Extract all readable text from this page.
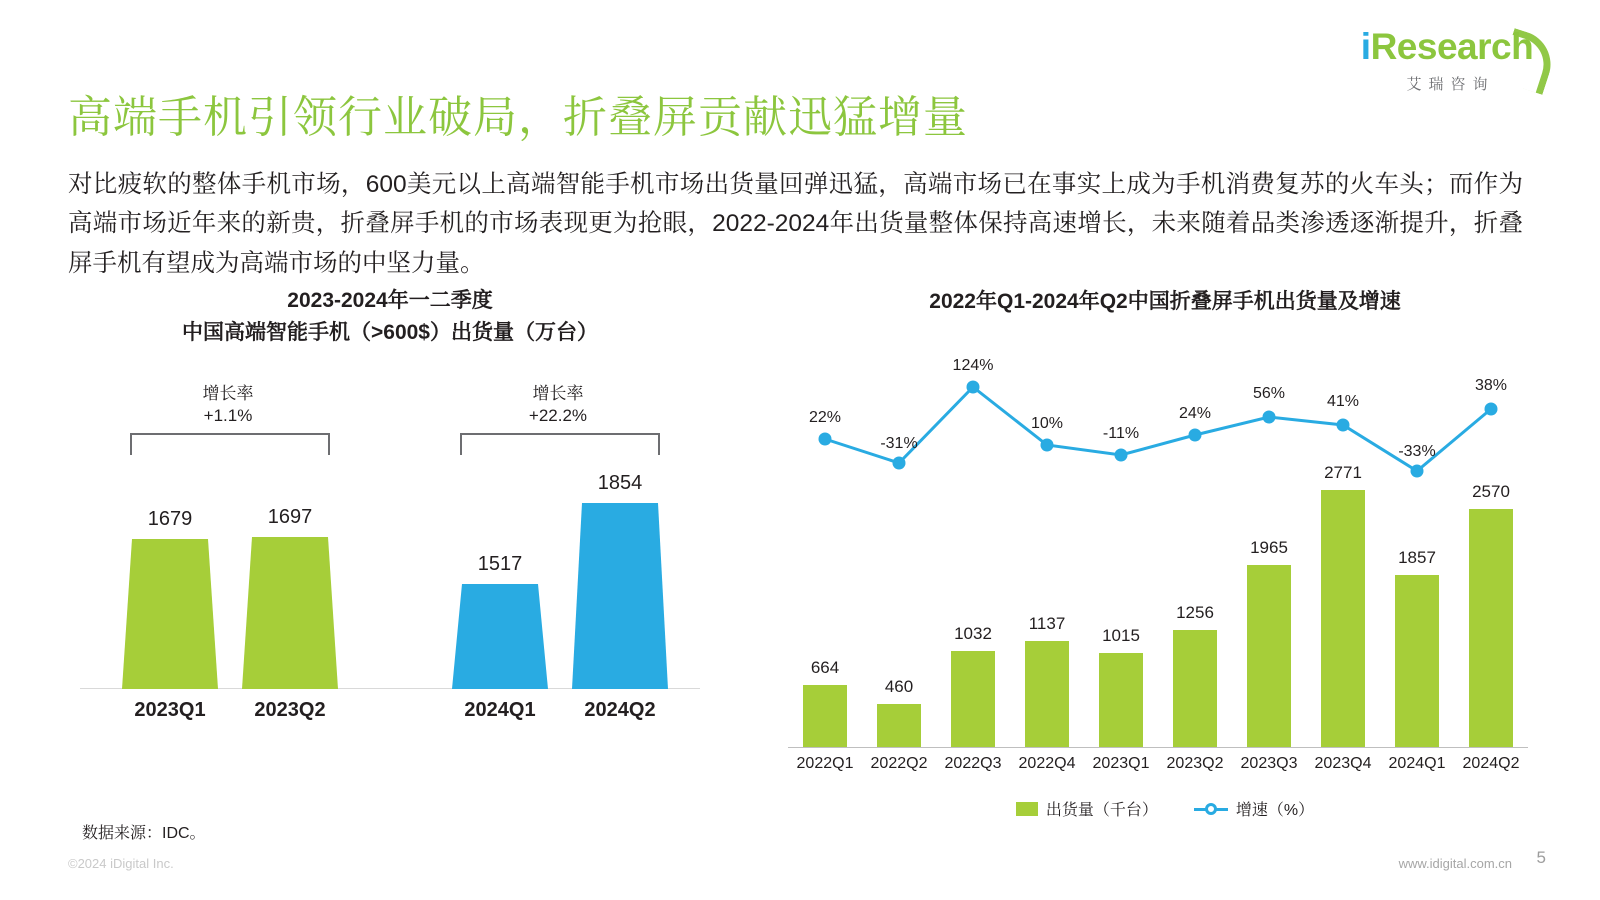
iResearch
艾瑞咨询
高端手机引领行业破局，折叠屏贡献迅猛增量

对比疲软的整体手机市场，600美元以上高端智能手机市场出货量回弹迅猛，高端市场已在事实上成为手机消费复苏的火车头；而作为高端市场近年来的新贵，折叠屏手机的市场表现更为抢眼，2022-2024年出货量整体保持高速增长，未来随着品类渗透逐渐提升，折叠屏手机有望成为高端市场的中坚力量。

2023-2024年一二季度
中国高端智能手机（>600$）出货量（万台）
增长率
+1.1%
1679
2023Q1
1697
2023Q2
增长率
+22.2%
1517
2024Q1
1854
2024Q2
2022年Q1-2024年Q2中国折叠屏手机出货量及增速
664
460
1032
1137
1015
1256
1965
2771
1857
2570
22%
-31%
124%
10%
-11%
24%
56%	41%
-33%
38%
2022Q1 2022Q2 2022Q3 2022Q4 2023Q1 2023Q2 2023Q3 2023Q4 2024Q1 2024Q2
出货量（千台）	增速（%）
数据来源：IDC。
©2024 iDigital Inc.	www.idigital.com.cn 5
